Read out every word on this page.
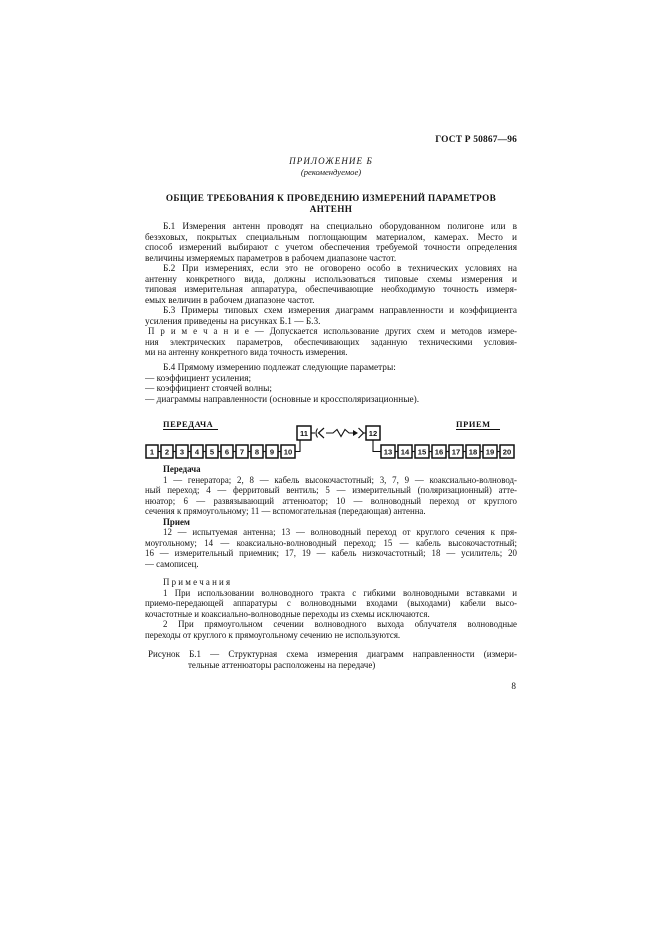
ГОСТ Р 50867—96
ПРИЛОЖЕНИЕ Б
(рекомендуемое)
ОБЩИЕ ТРЕБОВАНИЯ К ПРОВЕДЕНИЮ ИЗМЕРЕНИЙ ПАРАМЕТРОВ
АНТЕНН
Б.1 Измерения антенн проводят на специально оборудованном полигоне или в
безэховых, покрытых специальным поглощающим материалом, камерах. Место и
способ измерений выбирают с учетом обеспечения требуемой точности определения
величины измеряемых параметров в рабочем диапазоне частот.
Б.2 При измерениях, если это не оговорено особо в технических условиях на
антенну конкретного вида, должны использоваться типовые схемы измерения и
типовая измерительная аппаратура, обеспечивающие необходимую точность измеря-
емых величин в рабочем диапазоне частот.
Б.3 Примеры типовых схем измерения диаграмм направленности и коэффициента
усиления приведены на рисунках Б.1 — Б.3.
П р и м е ч а н и е — Допускается использование других схем и методов измере-
ния электрических параметров, обеспечивающих заданную техническими условия-
ми на антенну конкретного вида точность измерения.
Б.4 Прямому измерению подлежат следующие параметры:
— коэффициент усиления;
— коэффициент стоячей волны;
— диаграммы направленности (основные и кроссполяризационные).
ПЕРЕДАЧА	ПРИЕМ
1 2 3 4 5 6 7 8 9 10
11	12
13 14 15 16 17 18 19 20
Передача
1 — генератора; 2, 8 — кабель высокочастотный; 3, 7, 9 — коаксиально-волновод-
ный переход; 4 — ферритовый вентиль; 5 — измерительный (поляризационный) атте-
нюатор; 6 — развязывающий аттенюатор; 10 — волноводный переход от круглого
сечения к прямоугольному; 11 — вспомогательная (передающая) антенна.
Прием
12 — испытуемая антенна; 13 — волноводный переход от круглого сечения к пря-
моугольному; 14 — коаксиально-волноводный переход; 15 — кабель высокочастотный;
16 — измерительный приемник; 17, 19 — кабель низкочастотный; 18 — усилитель; 20
— самописец.
П р и м е ч а н и я
1 При использовании волноводного тракта с гибкими волноводными вставками и
приемо-передающей аппаратуры с волноводными входами (выходами) кабели высо-
кочастотные и коаксиально-волноводные переходы из схемы исключаются.
2 При прямоугольном сечении волноводного выхода облучателя волноводные
переходы от круглого к прямоугольному сечению не используются.
Рисунок Б.1 — Структурная схема измерения диаграмм направленности (измери-
тельные аттенюаторы расположены на передаче)
8
